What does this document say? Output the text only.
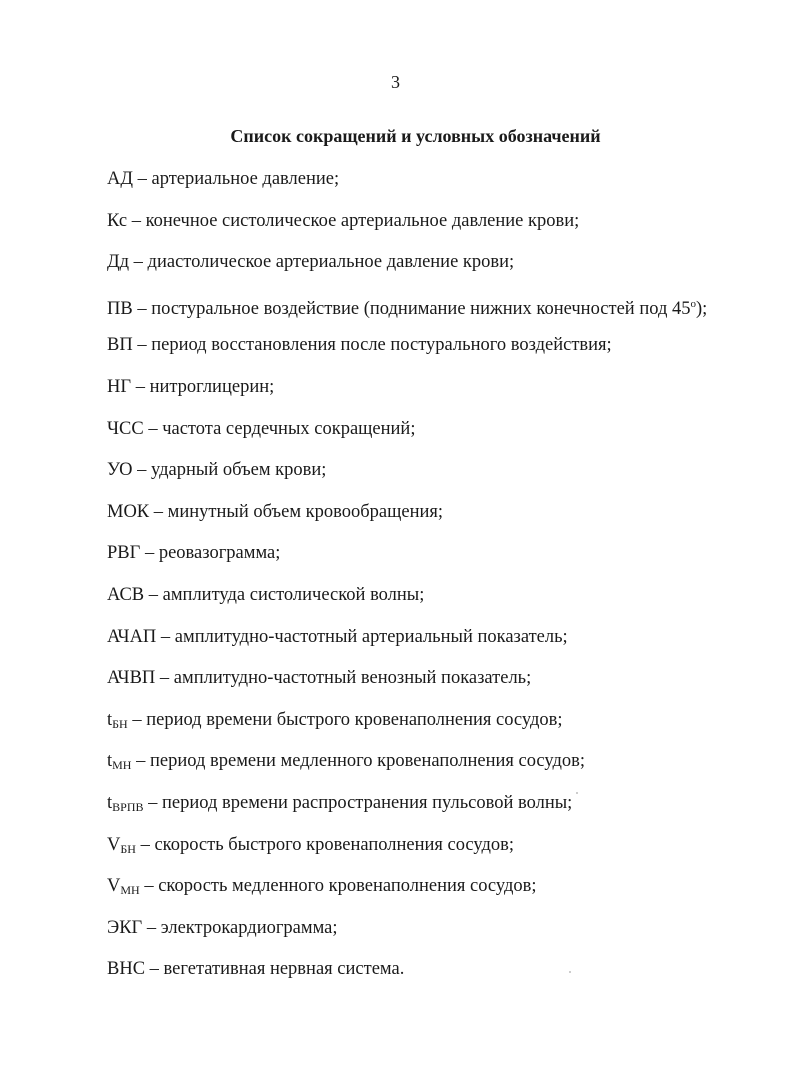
3
Список сокращений и условных обозначений
АД – артериальное давление;
Кс – конечное систолическое артериальное давление крови;
Дд – диастолическое артериальное давление крови;
ПВ – постуральное воздействие (поднимание нижних конечностей под $45^о$);
ВП – период восстановления после постурального воздействия;
НГ – нитроглицерин;
ЧСС – частота сердечных сокращений;
УО – ударный объем крови;
МОК – минутный объем кровообращения;
РВГ – реовазограмма;
АСВ – амплитуда систолической волны;
АЧАП – амплитудно-частотный артериальный показатель;
АЧВП – амплитудно-частотный венозный показатель;
$t_{БН}$ – период времени быстрого кровенаполнения сосудов;
$t_{МН}$ – период времени медленного кровенаполнения сосудов;
$t_{ВРПВ}$ – период времени распространения пульсовой волны;
$V_{БН}$ – скорость быстрого кровенаполнения сосудов;
$V_{МН}$ – скорость медленного кровенаполнения сосудов;
ЭКГ – электрокардиограмма;
ВНС – вегетативная нервная система.
